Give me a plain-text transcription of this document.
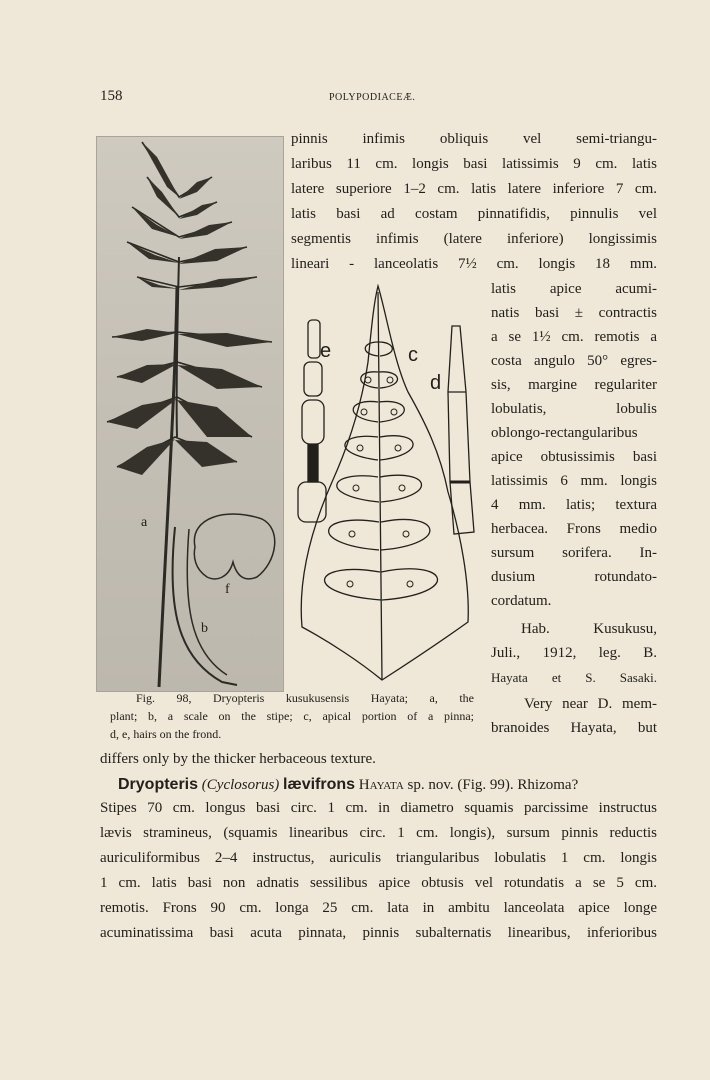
158	POLYPODIACEÆ.
pinnis infimis obliquis vel semi-triangu-
laribus 11 cm. longis basi latissimis 9 cm. latis
latere superiore 1–2 cm. latis latere inferiore 7 cm.
latis basi ad costam pinnatifidis, pinnulis vel
segmentis infimis (latere inferiore) longissimis
lineari - lanceolatis 7½ cm. longis 18 mm.
latis apice acumi-
natis basi ± contractis
a se 1½ cm. remotis a
costa angulo 50° egres-
sis, margine regulariter
lobulatis, lobulis
oblongo-rectangularibus
apice obtusissimis basi
latissimis 6 mm. longis
4 mm. latis; textura
herbacea. Frons medio
sursum sorifera. In-
dusium rotundato-
cordatum.
Hab. Kusukusu,
Juli., 1912, leg. B.
Hayata et S. Sasaki.
Very near D. mem-
branoides Hayata, but
a
b
f
e	c
d
Fig. 98, Dryopteris kusukusensis Hayata; a, the
plant; b, a scale on the stipe; c, apical portion of a pinna;
d, e, hairs on the frond.
differs only by the thicker herbaceous texture.
Dryopteris (Cyclosorus) lævifrons Hayata sp. nov. (Fig. 99). Rhizoma?
Stipes 70 cm. longus basi circ. 1 cm. in diametro squamis parcissime instructus
lævis stramineus, (squamis linearibus circ. 1 cm. longis), sursum pinnis reductis
auriculiformibus 2–4 instructus, auriculis triangularibus lobulatis 1 cm. longis
1 cm. latis basi non adnatis sessilibus apice obtusis vel rotundatis a se 5 cm.
remotis. Frons 90 cm. longa 25 cm. lata in ambitu lanceolata apice longe
acuminatissima basi acuta pinnata, pinnis subalternatis linearibus, inferioribus
